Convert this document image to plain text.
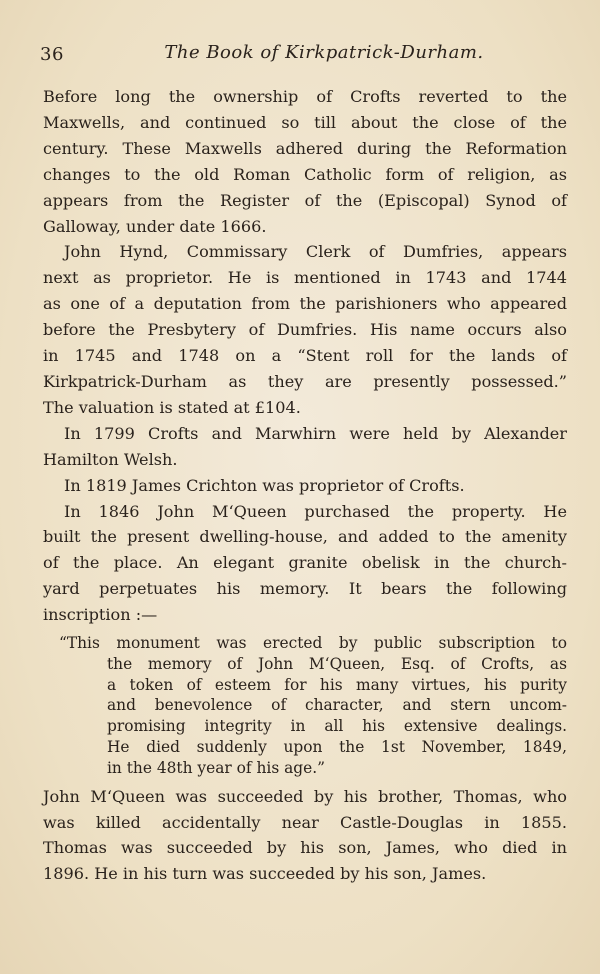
36	The Book of Kirkpatrick-Durham.

Before long the ownership of Crofts reverted to the
Maxwells, and continued so till about the close of the
century. These Maxwells adhered during the Reformation
changes to the old Roman Catholic form of religion, as
appears from the Register of the (Episcopal) Synod of
Galloway, under date 1666.

John Hynd, Commissary Clerk of Dumfries, appears
next as proprietor. He is mentioned in 1743 and 1744
as one of a deputation from the parishioners who appeared
before the Presbytery of Dumfries. His name occurs also
in 1745 and 1748 on a “Stent roll for the lands of
Kirkpatrick-Durham as they are presently possessed.”
The valuation is stated at £104.

In 1799 Crofts and Marwhirn were held by Alexander
Hamilton Welsh.

In 1819 James Crichton was proprietor of Crofts.

In 1846 John M‘Queen purchased the property. He
built the present dwelling-house, and added to the amenity
of the place. An elegant granite obelisk in the church-
yard perpetuates his memory. It bears the following
inscription :—

“This monument was erected by public subscription to
the memory of John M‘Queen, Esq. of Crofts, as
a token of esteem for his many virtues, his purity
and benevolence of character, and stern uncom-
promising integrity in all his extensive dealings.
He died suddenly upon the 1st November, 1849,
in the 48th year of his age.”

John M‘Queen was succeeded by his brother, Thomas, who
was killed accidentally near Castle-Douglas in 1855.
Thomas was succeeded by his son, James, who died in
1896. He in his turn was succeeded by his son, James.
